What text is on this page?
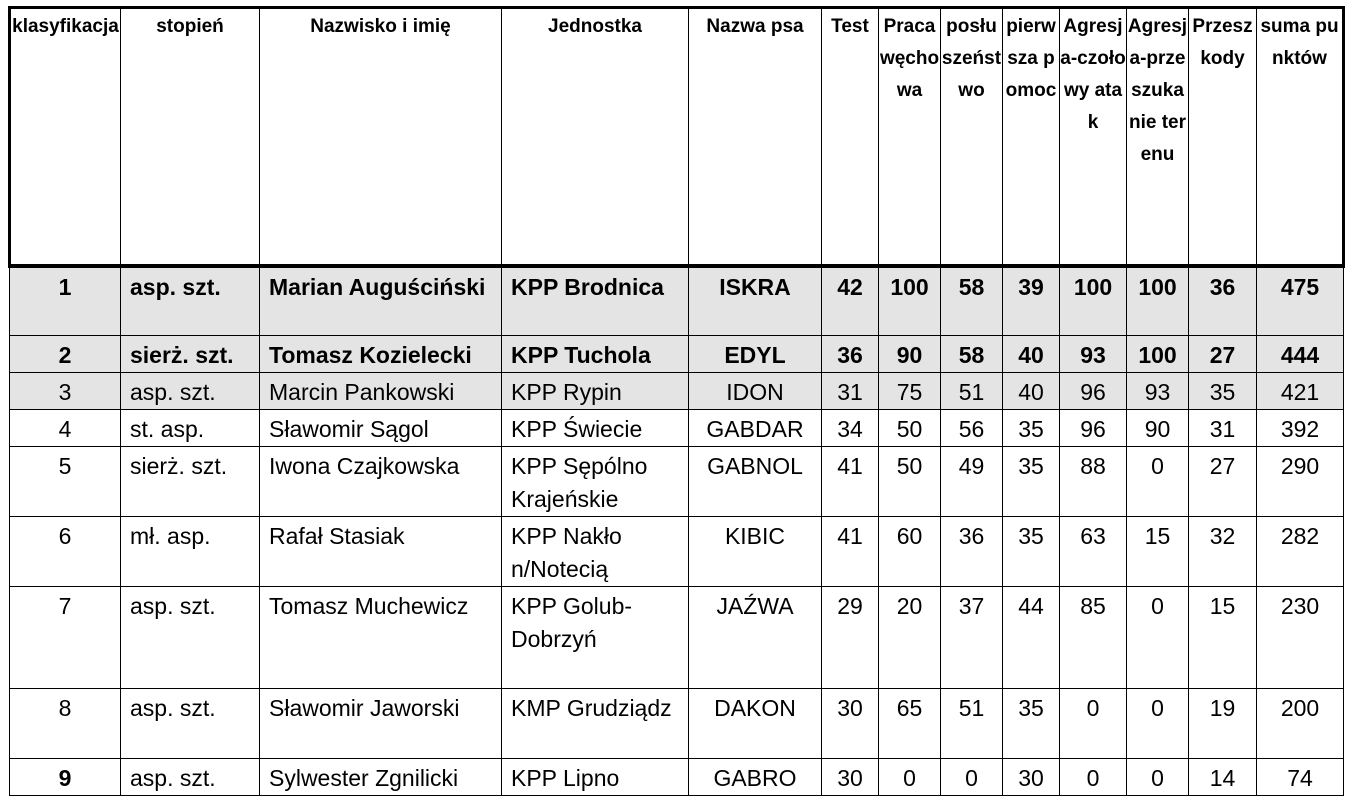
klasyfikacja	stopień	Nazwisko i imię	Jednostka	Nazwa psa	Test	Praca węchowa	posłuszeństwo	pierwsza pomoc	Agresja-czołowy atak	Agresja-przeszukanie terenu	Przeszkody	suma punktów
1	asp. szt.	Marian Auguściński	KPP Brodnica	ISKRA	42	100	58	39	100	100	36	475
2	sierż. szt.	Tomasz Kozielecki	KPP Tuchola	EDYL	36	90	58	40	93	100	27	444
3	asp. szt.	Marcin Pankowski	KPP Rypin	IDON	31	75	51	40	96	93	35	421
4	st. asp.	Sławomir Sągol	KPP Świecie	GABDAR	34	50	56	35	96	90	31	392
5	sierż. szt.	Iwona Czajkowska	KPP Sępólno Krajeńskie	GABNOL	41	50	49	35	88	0	27	290
6	mł. asp.	Rafał Stasiak	KPP Nakło n/Notecią	KIBIC	41	60	36	35	63	15	32	282
7	asp. szt.	Tomasz Muchewicz	KPP Golub-Dobrzyń	JAŹWA	29	20	37	44	85	0	15	230
8	asp. szt.	Sławomir Jaworski	KMP Grudziądz	DAKON	30	65	51	35	0	0	19	200
9	asp. szt.	Sylwester Zgnilicki	KPP Lipno	GABRO	30	0	0	30	0	0	14	74
